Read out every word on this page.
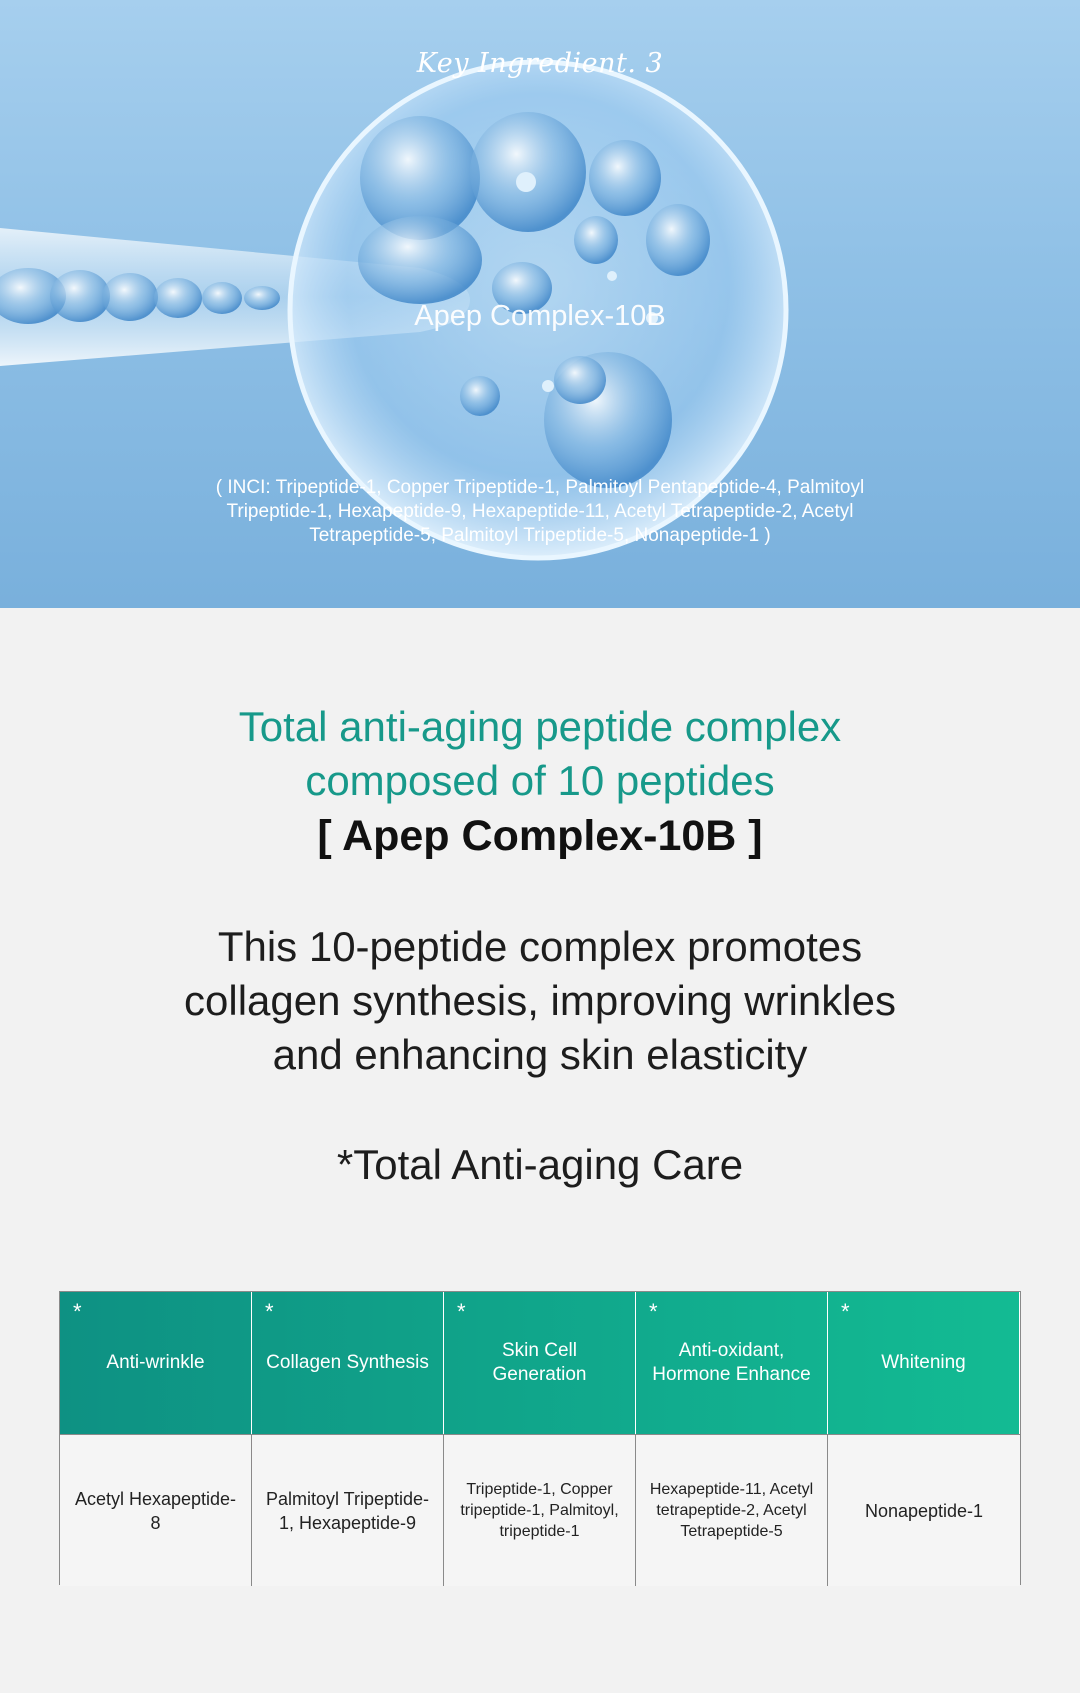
Key Ingredient. 3
Apep Complex-10B
( INCI: Tripeptide-1, Copper Tripeptide-1, Palmitoyl Pentapeptide-4, Palmitoyl Tripeptide-1, Hexapeptide-9, Hexapeptide-11, Acetyl Tetrapeptide-2, Acetyl Tetrapeptide-5, Palmitoyl Tripeptide-5, Nonapeptide-1 )

Total anti-aging peptide complex

composed of 10 peptides

[ Apep Complex-10B ]

This 10-peptide complex promotes
collagen synthesis, improving wrinkles
and enhancing skin elasticity
*Total Anti-aging Care
*
Anti-wrinkle
*
Collagen Synthesis
*
Skin Cell Generation
*
Anti-oxidant, Hormone Enhance
*
Whitening
Acetyl Hexapeptide-8
Palmitoyl Tripeptide-1, Hexapeptide-9
Tripeptide-1, Copper tripeptide-1, Palmitoyl, tripeptide-1
Hexapeptide-11, Acetyl tetrapeptide-2, Acetyl Tetrapeptide-5
Nonapeptide-1
